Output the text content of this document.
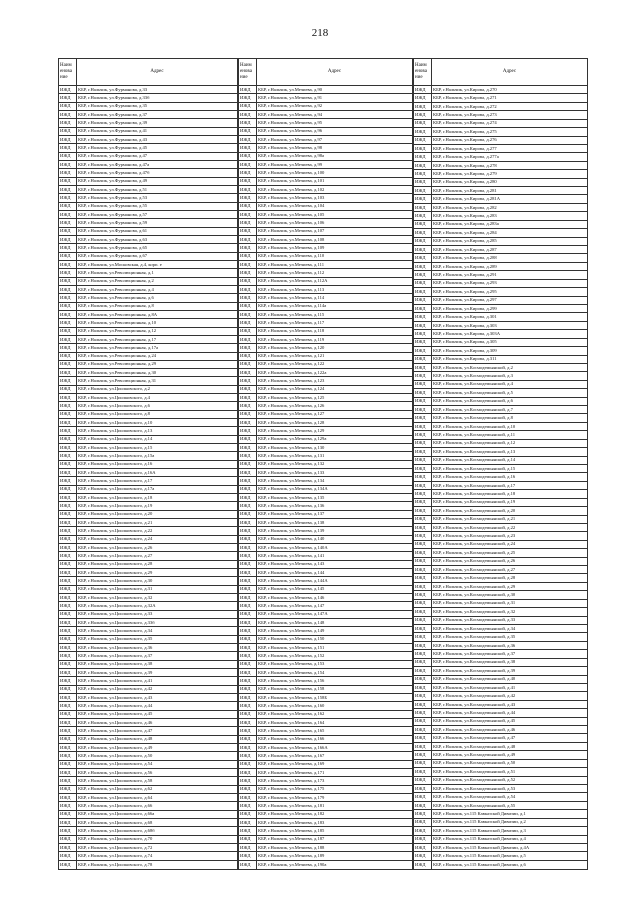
218
Наим енова ние	Адрес
ИЖД	КБР, г.Нальчик, ул.Фурманова, д.33
ИЖД	КБР, г.Нальчик, ул.Фурманова, д.33б
ИЖД	КБР, г.Нальчик, ул.Фурманова, д.35
ИЖД	КБР, г.Нальчик, ул.Фурманова, д.37
ИЖД	КБР, г.Нальчик, ул.Фурманова, д.39
ИЖД	КБР, г.Нальчик, ул.Фурманова, д.41
ИЖД	КБР, г.Нальчик, ул.Фурманова, д.43
ИЖД	КБР, г.Нальчик, ул.Фурманова, д.45
ИЖД	КБР, г.Нальчик, ул.Фурманова, д.47
ИЖД	КБР, г.Нальчик, ул.Фурманова, д.47а
ИЖД	КБР, г.Нальчик, ул.Фурманова, д.47б
ИЖД	КБР, г.Нальчик, ул.Фурманова, д.49
ИЖД	КБР, г.Нальчик, ул.Фурманова, д.51
ИЖД	КБР, г.Нальчик, ул.Фурманова, д.53
ИЖД	КБР, г.Нальчик, ул.Фурманова, д.55
ИЖД	КБР, г.Нальчик, ул.Фурманова, д.57
ИЖД	КБР, г.Нальчик, ул.Фурманова, д.59
ИЖД	КБР, г.Нальчик, ул.Фурманова, д.61
ИЖД	КБР, г.Нальчик, ул.Фурманова, д.63
ИЖД	КБР, г.Нальчик, ул.Фурманова, д.65
ИЖД	КБР, г.Нальчик, ул.Фурманова, д.67
ИЖД	КБР, г.Нальчик, ул.Московская, д.4, корп. е
ИЖД	КБР, г.Нальчик, ул.Революционная, д.1
ИЖД	КБР, г.Нальчик, ул.Революционная, д.2
ИЖД	КБР, г.Нальчик, ул.Революционная, д.4
ИЖД	КБР, г.Нальчик, ул.Революционная, д.6
ИЖД	КБР, г.Нальчик, ул.Революционная, д.8
ИЖД	КБР, г.Нальчик, ул.Революционная, д.8А
ИЖД	КБР, г.Нальчик, ул.Революционная, д.10
ИЖД	КБР, г.Нальчик, ул.Революционная, д.12
ИЖД	КБР, г.Нальчик, ул.Революционная, д.17
ИЖД	КБР, г.Нальчик, ул.Революционная, д.17а
ИЖД	КБР, г.Нальчик, ул.Революционная, д.24
ИЖД	КБР, г.Нальчик, ул.Революционная, д.29
ИЖД	КБР, г.Нальчик, ул.Революционная, д.30
ИЖД	КБР, г.Нальчик, ул.Революционная, д.31
ИЖД	КБР, г.Нальчик, ул.Циолковского, д.2
ИЖД	КБР, г.Нальчик, ул.Циолковского, д.4
ИЖД	КБР, г.Нальчик, ул.Циолковского, д.6
ИЖД	КБР, г.Нальчик, ул.Циолковского, д.8
ИЖД	КБР, г.Нальчик, ул.Циолковского, д.10
ИЖД	КБР, г.Нальчик, ул.Циолковского, д.13
ИЖД	КБР, г.Нальчик, ул.Циолковского, д.14
ИЖД	КБР, г.Нальчик, ул.Циолковского, д.15
ИЖД	КБР, г.Нальчик, ул.Циолковского, д.15а
ИЖД	КБР, г.Нальчик, ул.Циолковского, д.16
ИЖД	КБР, г.Нальчик, ул.Циолковского, д.16А
ИЖД	КБР, г.Нальчик, ул.Циолковского, д.17
ИЖД	КБР, г.Нальчик, ул.Циолковского, д.17а
ИЖД	КБР, г.Нальчик, ул.Циолковского, д.18
ИЖД	КБР, г.Нальчик, ул.Циолковского, д.19
ИЖД	КБР, г.Нальчик, ул.Циолковского, д.20
ИЖД	КБР, г.Нальчик, ул.Циолковского, д.21
ИЖД	КБР, г.Нальчик, ул.Циолковского, д.22
ИЖД	КБР, г.Нальчик, ул.Циолковского, д.24
ИЖД	КБР, г.Нальчик, ул.Циолковского, д.26
ИЖД	КБР, г.Нальчик, ул.Циолковского, д.27
ИЖД	КБР, г.Нальчик, ул.Циолковского, д.28
ИЖД	КБР, г.Нальчик, ул.Циолковского, д.29
ИЖД	КБР, г.Нальчик, ул.Циолковского, д.30
ИЖД	КБР, г.Нальчик, ул.Циолковского, д.31
ИЖД	КБР, г.Нальчик, ул.Циолковского, д.32
ИЖД	КБР, г.Нальчик, ул.Циолковского, д.32А
ИЖД	КБР, г.Нальчик, ул.Циолковского, д.33
ИЖД	КБР, г.Нальчик, ул.Циолковского, д.33б
ИЖД	КБР, г.Нальчик, ул.Циолковского, д.34
ИЖД	КБР, г.Нальчик, ул.Циолковского, д.35
ИЖД	КБР, г.Нальчик, ул.Циолковского, д.36
ИЖД	КБР, г.Нальчик, ул.Циолковского, д.37
ИЖД	КБР, г.Нальчик, ул.Циолковского, д.38
ИЖД	КБР, г.Нальчик, ул.Циолковского, д.39
ИЖД	КБР, г.Нальчик, ул.Циолковского, д.41
ИЖД	КБР, г.Нальчик, ул.Циолковского, д.42
ИЖД	КБР, г.Нальчик, ул.Циолковского, д.43
ИЖД	КБР, г.Нальчик, ул.Циолковского, д.44
ИЖД	КБР, г.Нальчик, ул.Циолковского, д.45
ИЖД	КБР, г.Нальчик, ул.Циолковского, д.46
ИЖД	КБР, г.Нальчик, ул.Циолковского, д.47
ИЖД	КБР, г.Нальчик, ул.Циолковского, д.48
ИЖД	КБР, г.Нальчик, ул.Циолковского, д.49
ИЖД	КБР, г.Нальчик, ул.Циолковского, д.50
ИЖД	КБР, г.Нальчик, ул.Циолковского, д.54
ИЖД	КБР, г.Нальчик, ул.Циолковского, д.56
ИЖД	КБР, г.Нальчик, ул.Циолковского, д.58
ИЖД	КБР, г.Нальчик, ул.Циолковского, д.62
ИЖД	КБР, г.Нальчик, ул.Циолковского, д.64
ИЖД	КБР, г.Нальчик, ул.Циолковского, д.66
ИЖД	КБР, г.Нальчик, ул.Циолковского, д.66а
ИЖД	КБР, г.Нальчик, ул.Циолковского, д.68
ИЖД	КБР, г.Нальчик, ул.Циолковского, д.68б
ИЖД	КБР, г.Нальчик, ул.Циолковского, д.70
ИЖД	КБР, г.Нальчик, ул.Циолковского, д.72
ИЖД	КБР, г.Нальчик, ул.Циолковского, д.74
ИЖД	КБР, г.Нальчик, ул.Циолковского, д.78
Наим енова ние	Адрес
ИЖД	КБР, г.Нальчик, ул.Мечиева, д.90
ИЖД	КБР, г.Нальчик, ул.Мечиева, д.91
ИЖД	КБР, г.Нальчик, ул.Мечиева, д.92
ИЖД	КБР, г.Нальчик, ул.Мечиева, д.94
ИЖД	КБР, г.Нальчик, ул.Мечиева, д.95
ИЖД	КБР, г.Нальчик, ул.Мечиева, д.96
ИЖД	КБР, г.Нальчик, ул.Мечиева, д.97
ИЖД	КБР, г.Нальчик, ул.Мечиева, д.98
ИЖД	КБР, г.Нальчик, ул.Мечиева, д.98а
ИЖД	КБР, г.Нальчик, ул.Мечиева, д.99
ИЖД	КБР, г.Нальчик, ул.Мечиева, д.100
ИЖД	КБР, г.Нальчик, ул.Мечиева, д.101
ИЖД	КБР, г.Нальчик, ул.Мечиева, д.102
ИЖД	КБР, г.Нальчик, ул.Мечиева, д.103
ИЖД	КБР, г.Нальчик, ул.Мечиева, д.104
ИЖД	КБР, г.Нальчик, ул.Мечиева, д.105
ИЖД	КБР, г.Нальчик, ул.Мечиева, д.106
ИЖД	КБР, г.Нальчик, ул.Мечиева, д.107
ИЖД	КБР, г.Нальчик, ул.Мечиева, д.108
ИЖД	КБР, г.Нальчик, ул.Мечиева, д.109
ИЖД	КБР, г.Нальчик, ул.Мечиева, д.110
ИЖД	КБР, г.Нальчик, ул.Мечиева, д.111
ИЖД	КБР, г.Нальчик, ул.Мечиева, д.112
ИЖД	КБР, г.Нальчик, ул.Мечиева, д.112А
ИЖД	КБР, г.Нальчик, ул.Мечиева, д.113
ИЖД	КБР, г.Нальчик, ул.Мечиева, д.114
ИЖД	КБР, г.Нальчик, ул.Мечиева, д.114а
ИЖД	КБР, г.Нальчик, ул.Мечиева, д.115
ИЖД	КБР, г.Нальчик, ул.Мечиева, д.117
ИЖД	КБР, г.Нальчик, ул.Мечиева, д.118
ИЖД	КБР, г.Нальчик, ул.Мечиева, д.119
ИЖД	КБР, г.Нальчик, ул.Мечиева, д.120
ИЖД	КБР, г.Нальчик, ул.Мечиева, д.121
ИЖД	КБР, г.Нальчик, ул.Мечиева, д.122
ИЖД	КБР, г.Нальчик, ул.Мечиева, д.122а
ИЖД	КБР, г.Нальчик, ул.Мечиева, д.123
ИЖД	КБР, г.Нальчик, ул.Мечиева, д.124
ИЖД	КБР, г.Нальчик, ул.Мечиева, д.125
ИЖД	КБР, г.Нальчик, ул.Мечиева, д.126
ИЖД	КБР, г.Нальчик, ул.Мечиева, д.127
ИЖД	КБР, г.Нальчик, ул.Мечиева, д.128
ИЖД	КБР, г.Нальчик, ул.Мечиева, д.129
ИЖД	КБР, г.Нальчик, ул.Мечиева, д.129а
ИЖД	КБР, г.Нальчик, ул.Мечиева, д.130
ИЖД	КБР, г.Нальчик, ул.Мечиева, д.131
ИЖД	КБР, г.Нальчик, ул.Мечиева, д.132
ИЖД	КБР, г.Нальчик, ул.Мечиева, д.133
ИЖД	КБР, г.Нальчик, ул.Мечиева, д.134
ИЖД	КБР, г.Нальчик, ул.Мечиева, д.134А
ИЖД	КБР, г.Нальчик, ул.Мечиева, д.135
ИЖД	КБР, г.Нальчик, ул.Мечиева, д.136
ИЖД	КБР, г.Нальчик, ул.Мечиева, д.137
ИЖД	КБР, г.Нальчик, ул.Мечиева, д.138
ИЖД	КБР, г.Нальчик, ул.Мечиева, д.139
ИЖД	КБР, г.Нальчик, ул.Мечиева, д.140
ИЖД	КБР, г.Нальчик, ул.Мечиева, д.140А
ИЖД	КБР, г.Нальчик, ул.Мечиева, д.141
ИЖД	КБР, г.Нальчик, ул.Мечиева, д.143
ИЖД	КБР, г.Нальчик, ул.Мечиева, д.144
ИЖД	КБР, г.Нальчик, ул.Мечиева, д.144А
ИЖД	КБР, г.Нальчик, ул.Мечиева, д.145
ИЖД	КБР, г.Нальчик, ул.Мечиева, д.146
ИЖД	КБР, г.Нальчик, ул.Мечиева, д.147
ИЖД	КБР, г.Нальчик, ул.Мечиева, д.147А
ИЖД	КБР, г.Нальчик, ул.Мечиева, д.148
ИЖД	КБР, г.Нальчик, ул.Мечиева, д.149
ИЖД	КБР, г.Нальчик, ул.Мечиева, д.150
ИЖД	КБР, г.Нальчик, ул.Мечиева, д.151
ИЖД	КБР, г.Нальчик, ул.Мечиева, д.152
ИЖД	КБР, г.Нальчик, ул.Мечиева, д.153
ИЖД	КБР, г.Нальчик, ул.Мечиева, д.154
ИЖД	КБР, г.Нальчик, ул.Мечиева, д.156
ИЖД	КБР, г.Нальчик, ул.Мечиева, д.158
ИЖД	КБР, г.Нальчик, ул.Мечиева, д.158Б
ИЖД	КБР, г.Нальчик, ул.Мечиева, д.160
ИЖД	КБР, г.Нальчик, ул.Мечиева, д.162
ИЖД	КБР, г.Нальчик, ул.Мечиева, д.164
ИЖД	КБР, г.Нальчик, ул.Мечиева, д.165
ИЖД	КБР, г.Нальчик, ул.Мечиева, д.166
ИЖД	КБР, г.Нальчик, ул.Мечиева, д.166А
ИЖД	КБР, г.Нальчик, ул.Мечиева, д.167
ИЖД	КБР, г.Нальчик, ул.Мечиева, д.169
ИЖД	КБР, г.Нальчик, ул.Мечиева, д.171
ИЖД	КБР, г.Нальчик, ул.Мечиева, д.173
ИЖД	КБР, г.Нальчик, ул.Мечиева, д.175
ИЖД	КБР, г.Нальчик, ул.Мечиева, д.179
ИЖД	КБР, г.Нальчик, ул.Мечиева, д.181
ИЖД	КБР, г.Нальчик, ул.Мечиева, д.182
ИЖД	КБР, г.Нальчик, ул.Мечиева, д.183
ИЖД	КБР, г.Нальчик, ул.Мечиева, д.185
ИЖД	КБР, г.Нальчик, ул.Мечиева, д.187
ИЖД	КБР, г.Нальчик, ул.Мечиева, д.188
ИЖД	КБР, г.Нальчик, ул.Мечиева, д.189
ИЖД	КБР, г.Нальчик, ул.Мечиева, д.190а
Наим енова ние	Адрес
ИЖД	КБР, г.Нальчик, ул.Кирова, д.270
ИЖД	КБР, г.Нальчик, ул.Кирова, д.271
ИЖД	КБР, г.Нальчик, ул.Кирова, д.272
ИЖД	КБР, г.Нальчик, ул.Кирова, д.273
ИЖД	КБР, г.Нальчик, ул.Кирова, д.274
ИЖД	КБР, г.Нальчик, ул.Кирова, д.275
ИЖД	КБР, г.Нальчик, ул.Кирова, д.276
ИЖД	КБР, г.Нальчик, ул.Кирова, д.277
ИЖД	КБР, г.Нальчик, ул.Кирова, д.277а
ИЖД	КБР, г.Нальчик, ул.Кирова, д.278
ИЖД	КБР, г.Нальчик, ул.Кирова, д.279
ИЖД	КБР, г.Нальчик, ул.Кирова, д.280
ИЖД	КБР, г.Нальчик, ул.Кирова, д.281
ИЖД	КБР, г.Нальчик, ул.Кирова, д.281А
ИЖД	КБР, г.Нальчик, ул.Кирова, д.282
ИЖД	КБР, г.Нальчик, ул.Кирова, д.283
ИЖД	КБР, г.Нальчик, ул.Кирова, д.283а
ИЖД	КБР, г.Нальчик, ул.Кирова, д.284
ИЖД	КБР, г.Нальчик, ул.Кирова, д.285
ИЖД	КБР, г.Нальчик, ул.Кирова, д.287
ИЖД	КБР, г.Нальчик, ул.Кирова, д.288
ИЖД	КБР, г.Нальчик, ул.Кирова, д.289
ИЖД	КБР, г.Нальчик, ул.Кирова, д.291
ИЖД	КБР, г.Нальчик, ул.Кирова, д.293
ИЖД	КБР, г.Нальчик, ул.Кирова, д.295
ИЖД	КБР, г.Нальчик, ул.Кирова, д.297
ИЖД	КБР, г.Нальчик, ул.Кирова, д.299
ИЖД	КБР, г.Нальчик, ул.Кирова, д.301
ИЖД	КБР, г.Нальчик, ул.Кирова, д.303
ИЖД	КБР, г.Нальчик, ул.Кирова, д.303А
ИЖД	КБР, г.Нальчик, ул.Кирова, д.305
ИЖД	КБР, г.Нальчик, ул.Кирова, д.309
ИЖД	КБР, г.Нальчик, ул.Кирова, д.311
ИЖД	КБР, г.Нальчик, ул.Космодемьянской, д.2
ИЖД	КБР, г.Нальчик, ул.Космодемьянской, д.3
ИЖД	КБР, г.Нальчик, ул.Космодемьянской, д.4
ИЖД	КБР, г.Нальчик, ул.Космодемьянской, д.5
ИЖД	КБР, г.Нальчик, ул.Космодемьянской, д.6
ИЖД	КБР, г.Нальчик, ул.Космодемьянской, д.7
ИЖД	КБР, г.Нальчик, ул.Космодемьянской, д.8
ИЖД	КБР, г.Нальчик, ул.Космодемьянской, д.10
ИЖД	КБР, г.Нальчик, ул.Космодемьянской, д.11
ИЖД	КБР, г.Нальчик, ул.Космодемьянской, д.12
ИЖД	КБР, г.Нальчик, ул.Космодемьянской, д.13
ИЖД	КБР, г.Нальчик, ул.Космодемьянской, д.14
ИЖД	КБР, г.Нальчик, ул.Космодемьянской, д.15
ИЖД	КБР, г.Нальчик, ул.Космодемьянской, д.16
ИЖД	КБР, г.Нальчик, ул.Космодемьянской, д.17
ИЖД	КБР, г.Нальчик, ул.Космодемьянской, д.18
ИЖД	КБР, г.Нальчик, ул.Космодемьянской, д.19
ИЖД	КБР, г.Нальчик, ул.Космодемьянской, д.20
ИЖД	КБР, г.Нальчик, ул.Космодемьянской, д.21
ИЖД	КБР, г.Нальчик, ул.Космодемьянской, д.22
ИЖД	КБР, г.Нальчик, ул.Космодемьянской, д.23
ИЖД	КБР, г.Нальчик, ул.Космодемьянской, д.24
ИЖД	КБР, г.Нальчик, ул.Космодемьянской, д.25
ИЖД	КБР, г.Нальчик, ул.Космодемьянской, д.26
ИЖД	КБР, г.Нальчик, ул.Космодемьянской, д.27
ИЖД	КБР, г.Нальчик, ул.Космодемьянской, д.28
ИЖД	КБР, г.Нальчик, ул.Космодемьянской, д.29
ИЖД	КБР, г.Нальчик, ул.Космодемьянской, д.30
ИЖД	КБР, г.Нальчик, ул.Космодемьянской, д.31
ИЖД	КБР, г.Нальчик, ул.Космодемьянской, д.32
ИЖД	КБР, г.Нальчик, ул.Космодемьянской, д.33
ИЖД	КБР, г.Нальчик, ул.Космодемьянской, д.34
ИЖД	КБР, г.Нальчик, ул.Космодемьянской, д.35
ИЖД	КБР, г.Нальчик, ул.Космодемьянской, д.36
ИЖД	КБР, г.Нальчик, ул.Космодемьянской, д.37
ИЖД	КБР, г.Нальчик, ул.Космодемьянской, д.38
ИЖД	КБР, г.Нальчик, ул.Космодемьянской, д.39
ИЖД	КБР, г.Нальчик, ул.Космодемьянской, д.40
ИЖД	КБР, г.Нальчик, ул.Космодемьянской, д.41
ИЖД	КБР, г.Нальчик, ул.Космодемьянской, д.42
ИЖД	КБР, г.Нальчик, ул.Космодемьянской, д.43
ИЖД	КБР, г.Нальчик, ул.Космодемьянской, д.44
ИЖД	КБР, г.Нальчик, ул.Космодемьянской, д.45
ИЖД	КБР, г.Нальчик, ул.Космодемьянской, д.46
ИЖД	КБР, г.Нальчик, ул.Космодемьянской, д.47
ИЖД	КБР, г.Нальчик, ул.Космодемьянской, д.48
ИЖД	КБР, г.Нальчик, ул.Космодемьянской, д.49
ИЖД	КБР, г.Нальчик, ул.Космодемьянской, д.50
ИЖД	КБР, г.Нальчик, ул.Космодемьянской, д.51
ИЖД	КБР, г.Нальчик, ул.Космодемьянской, д.52
ИЖД	КБР, г.Нальчик, ул.Космодемьянской, д.53
ИЖД	КБР, г.Нальчик, ул.Космодемьянской, д.54
ИЖД	КБР, г.Нальчик, ул.Космодемьянской, д.55
ИЖД	КБР, г.Нальчик, ул.115 Кавказской Дивизии, д.1
ИЖД	КБР, г.Нальчик, ул.115 Кавказской Дивизии, д.2
ИЖД	КБР, г.Нальчик, ул.115 Кавказской Дивизии, д.3
ИЖД	КБР, г.Нальчик, ул.115 Кавказской Дивизии, д.4
ИЖД	КБР, г.Нальчик, ул.115 Кавказской Дивизии, д.4А
ИЖД	КБР, г.Нальчик, ул.115 Кавказской Дивизии, д.5
ИЖД	КБР, г.Нальчик, ул.115 Кавказской Дивизии, д.6
